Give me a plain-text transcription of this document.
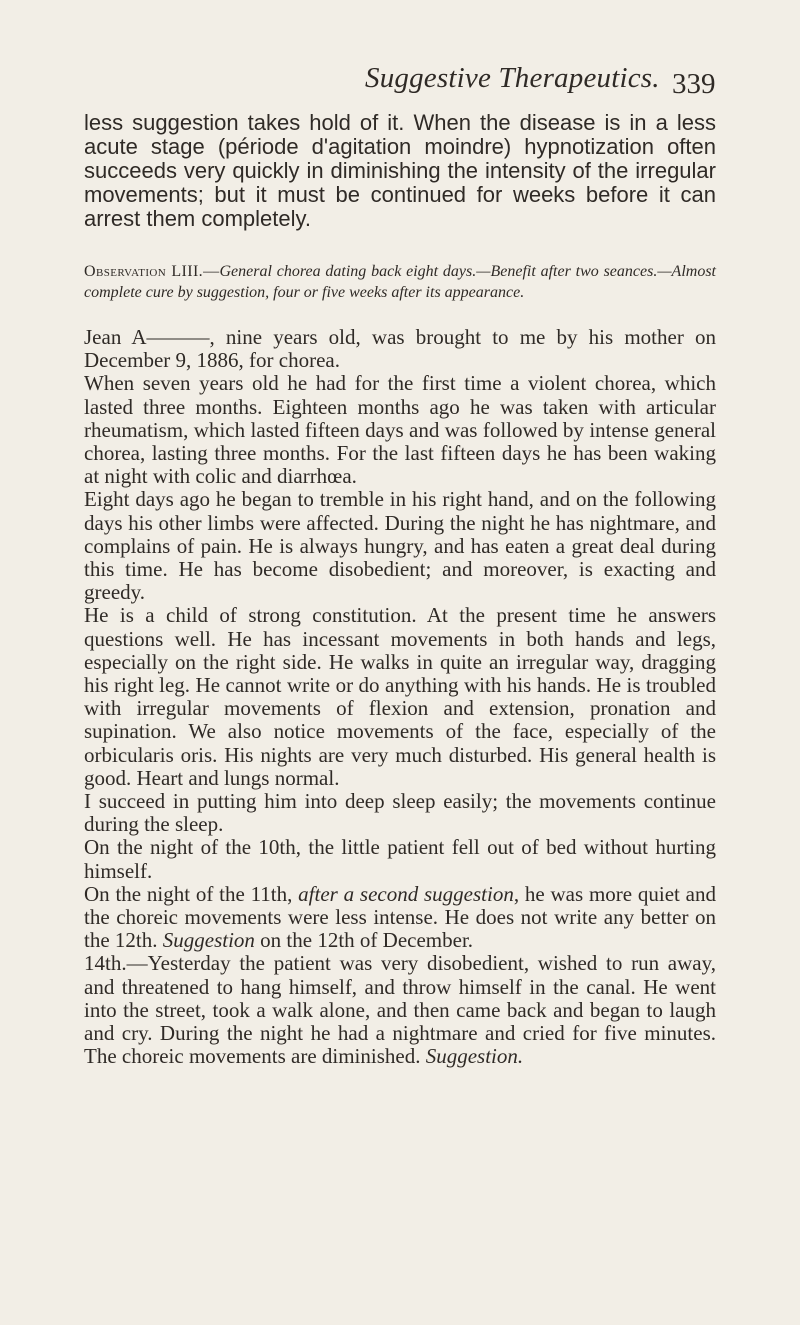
Suggestive Therapeutics. 339

less suggestion takes hold of it. When the disease is in a less acute stage (période d'agitation moindre) hypnotization often succeeds very quickly in diminishing the intensity of the irregular movements; but it must be continued for weeks before it can arrest them completely.

Observation LIII.—General chorea dating back eight days.—Benefit after two seances.—Almost complete cure by suggestion, four or five weeks after its appearance.

Jean A———, nine years old, was brought to me by his mother on December 9, 1886, for chorea.

When seven years old he had for the first time a violent chorea, which lasted three months. Eighteen months ago he was taken with articular rheumatism, which lasted fifteen days and was followed by intense general chorea, lasting three months. For the last fifteen days he has been waking at night with colic and diarrhœa.

Eight days ago he began to tremble in his right hand, and on the following days his other limbs were affected. During the night he has nightmare, and complains of pain. He is always hungry, and has eaten a great deal during this time. He has become disobedient; and moreover, is exacting and greedy.

He is a child of strong constitution. At the present time he answers questions well. He has incessant movements in both hands and legs, especially on the right side. He walks in quite an irregular way, dragging his right leg. He cannot write or do anything with his hands. He is troubled with irregular movements of flexion and extension, pronation and supination. We also notice movements of the face, especially of the orbicularis oris. His nights are very much disturbed. His general health is good. Heart and lungs normal.

I succeed in putting him into deep sleep easily; the movements continue during the sleep.

On the night of the 10th, the little patient fell out of bed without hurting himself.

On the night of the 11th, after a second suggestion, he was more quiet and the choreic movements were less intense. He does not write any better on the 12th. Suggestion on the 12th of December.

14th.—Yesterday the patient was very disobedient, wished to run away, and threatened to hang himself, and throw himself in the canal. He went into the street, took a walk alone, and then came back and began to laugh and cry. During the night he had a nightmare and cried for five minutes. The choreic movements are diminished. Suggestion.
